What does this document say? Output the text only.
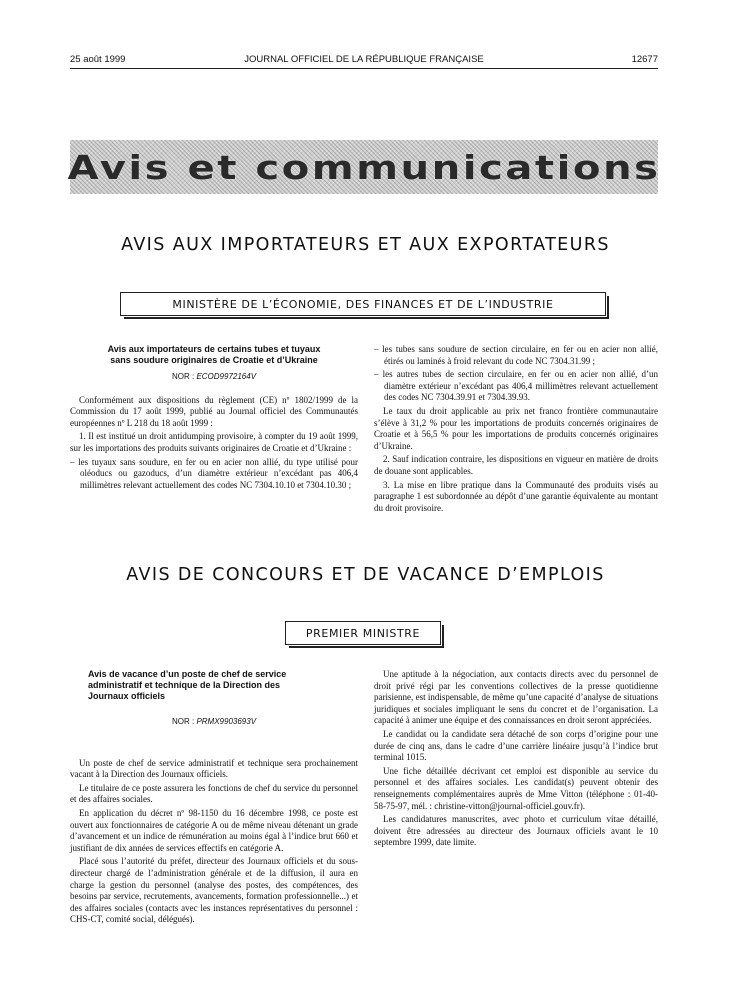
25 août 1999	JOURNAL OFFICIEL DE LA RÉPUBLIQUE FRANÇAISE	12677
Avis et communications
AVIS AUX IMPORTATEURS ET AUX EXPORTATEURS
MINISTÈRE DE L’ÉCONOMIE, DES FINANCES ET DE L’INDUSTRIE

Avis aux importateurs de certains tubes et tuyaux
sans soudure originaires de Croatie et d’Ukraine

NOR : ECOD9972164V

Conformément aux dispositions du règlement (CE) nº 1802/1999 de la Commission du 17 août 1999, publié au Journal officiel des Communautés européennes nº L 218 du 18 août 1999 :

1. Il est institué un droit antidumping provisoire, à compter du 19 août 1999, sur les importations des produits suivants originaires de Croatie et d’Ukraine :

– les tuyaux sans soudure, en fer ou en acier non allié, du type utilisé pour oléoducs ou gazoducs, d’un diamètre extérieur n’excédant pas 406,4 millimètres relevant actuellement des codes NC 7304.10.10 et 7304.10.30 ;

– les tubes sans soudure de section circulaire, en fer ou en acier non allié, étirés ou laminés à froid relevant du code NC 7304.31.99 ;

– les autres tubes de section circulaire, en fer ou en acier non allié, d’un diamètre extérieur n’excédant pas 406,4 millimètres relevant actuellement des codes NC 7304.39.91 et 7304.39.93.

Le taux du droit applicable au prix net franco frontière communautaire s’élève à 31,2 % pour les importations de produits concernés originaires de Croatie et à 56,5 % pour les importations de produits concernés originaires d’Ukraine.

2. Sauf indication contraire, les dispositions en vigueur en matière de droits de douane sont applicables.

3. La mise en libre pratique dans la Communauté des produits visés au paragraphe 1 est subordonnée au dépôt d’une garantie équivalente au montant du droit provisoire.

AVIS DE CONCOURS ET DE VACANCE D’EMPLOIS
PREMIER MINISTRE

Avis de vacance d’un poste de chef de service
administratif et technique de la Direction des
Journaux officiels

NOR : PRMX9903693V

Un poste de chef de service administratif et technique sera prochainement vacant à la Direction des Journaux officiels.

Le titulaire de ce poste assurera les fonctions de chef du service du personnel et des affaires sociales.

En application du décret nº 98-1150 du 16 décembre 1998, ce poste est ouvert aux fonctionnaires de catégorie A ou de même niveau détenant un grade d’avancement et un indice de rémunération au moins égal à l’indice brut 660 et justifiant de dix années de services effectifs en catégorie A.

Placé sous l’autorité du préfet, directeur des Journaux officiels et du sous-directeur chargé de l’administration générale et de la diffusion, il aura en charge la gestion du personnel (analyse des postes, des compétences, des besoins par service, recrutements, avancements, formation professionnelle...) et des affaires sociales (contacts avec les instances représentatives du personnel : CHS-CT, comité social, délégués).

Une aptitude à la négociation, aux contacts directs avec du personnel de droit privé régi par les conventions collectives de la presse quotidienne parisienne, est indispensable, de même qu’une capacité d’analyse de situations juridiques et sociales impliquant le sens du concret et de l’organisation. La capacité à animer une équipe et des connaissances en droit seront appréciées.

Le candidat ou la candidate sera détaché de son corps d’origine pour une durée de cinq ans, dans le cadre d’une carrière linéaire jusqu’à l’indice brut terminal 1015.

Une fiche détaillée décrivant cet emploi est disponible au service du personnel et des affaires sociales. Les candidat(s) peuvent obtenir des renseignements complémentaires auprès de Mme Vitton (téléphone : 01-40-58-75-97, mél. : christine-vitton@journal-officiel.gouv.fr).

Les candidatures manuscrites, avec photo et curriculum vitae détaillé, doivent être adressées au directeur des Journaux officiels avant le 10 septembre 1999, date limite.
